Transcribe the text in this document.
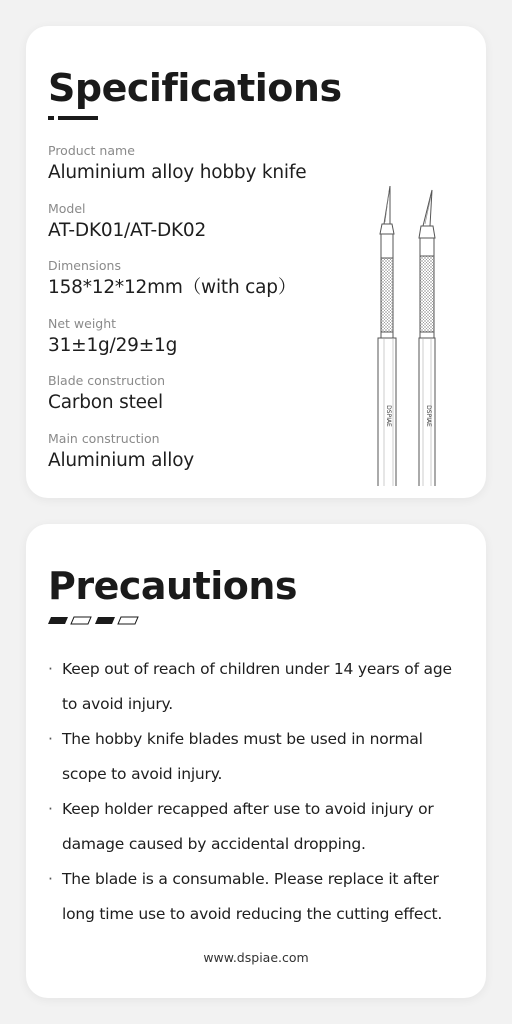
Specifications
Product name
Aluminium alloy hobby knife
Model
AT-DK01/AT-DK02
Dimensions
158*12*12mm（with cap）
Net weight
31±1g/29±1g
Blade construction
Carbon steel
Main construction
Aluminium alloy
DSPIAE	DSPIAE
Precautions
· Keep out of reach of children under 14 years of age to avoid injury.
· The hobby knife blades must be used in normal scope to avoid injury.
· Keep holder recapped after use to avoid injury or damage caused by accidental dropping.
· The blade is a consumable. Please replace it after long time use to avoid reducing the cutting effect.
www.dspiae.com
